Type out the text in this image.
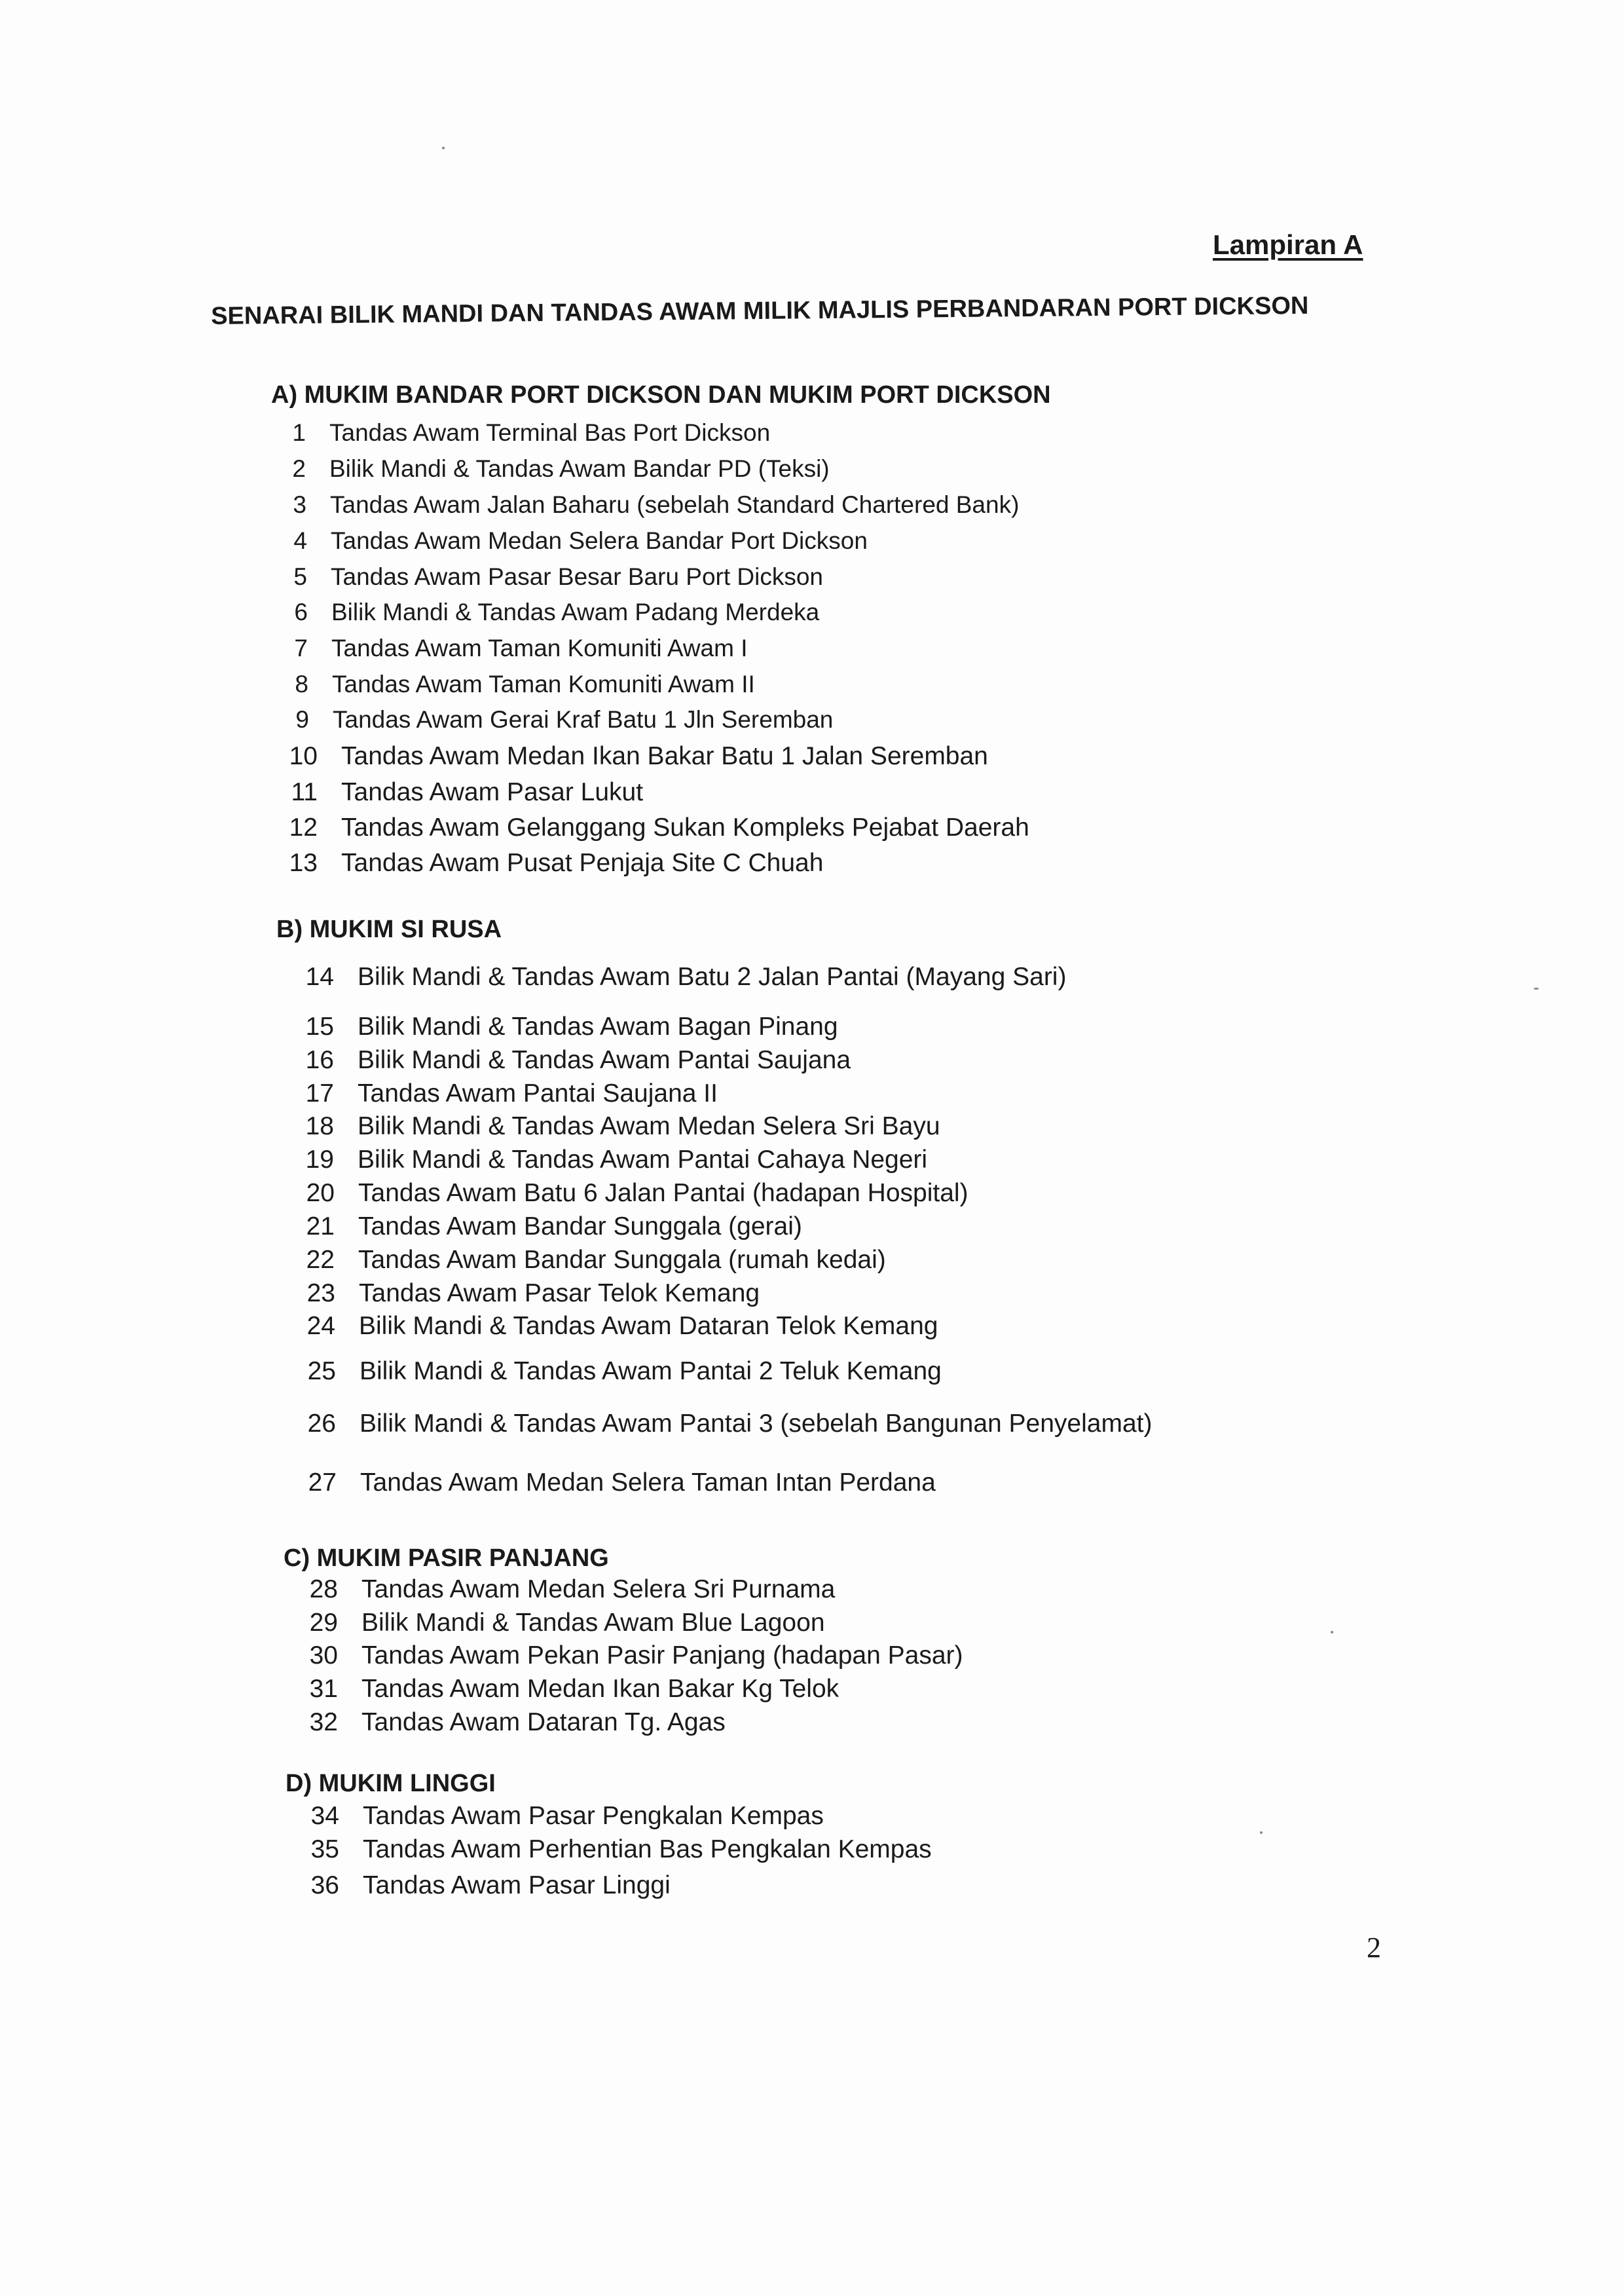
Lampiran A
SENARAI BILIK MANDI DAN TANDAS AWAM MILIK MAJLIS PERBANDARAN PORT DICKSON
A) MUKIM BANDAR PORT DICKSON DAN MUKIM PORT DICKSON
1 Tandas Awam Terminal Bas Port Dickson
2 Bilik Mandi & Tandas Awam Bandar PD (Teksi)
3 Tandas Awam Jalan Baharu (sebelah Standard Chartered Bank)
4 Tandas Awam Medan Selera Bandar Port Dickson
5 Tandas Awam Pasar Besar Baru Port Dickson
6 Bilik Mandi & Tandas Awam Padang Merdeka
7 Tandas Awam Taman Komuniti Awam I
8 Tandas Awam Taman Komuniti Awam II
9 Tandas Awam Gerai Kraf Batu 1 Jln Seremban
10 Tandas Awam Medan Ikan Bakar Batu 1 Jalan Seremban
11 Tandas Awam Pasar Lukut
12 Tandas Awam Gelanggang Sukan Kompleks Pejabat Daerah
13 Tandas Awam Pusat Penjaja Site C Chuah
B) MUKIM SI RUSA
14 Bilik Mandi & Tandas Awam Batu 2 Jalan Pantai (Mayang Sari)
15 Bilik Mandi & Tandas Awam Bagan Pinang
16 Bilik Mandi & Tandas Awam Pantai Saujana
17 Tandas Awam Pantai Saujana II
18 Bilik Mandi & Tandas Awam Medan Selera Sri Bayu
19 Bilik Mandi & Tandas Awam Pantai Cahaya Negeri
20 Tandas Awam Batu 6 Jalan Pantai (hadapan Hospital)
21 Tandas Awam Bandar Sunggala (gerai)
22 Tandas Awam Bandar Sunggala (rumah kedai)
23 Tandas Awam Pasar Telok Kemang
24 Bilik Mandi & Tandas Awam Dataran Telok Kemang
25 Bilik Mandi & Tandas Awam Pantai 2 Teluk Kemang
26 Bilik Mandi & Tandas Awam Pantai 3 (sebelah Bangunan Penyelamat)
27 Tandas Awam Medan Selera Taman Intan Perdana
C) MUKIM PASIR PANJANG
28 Tandas Awam Medan Selera Sri Purnama
29 Bilik Mandi & Tandas Awam Blue Lagoon
30 Tandas Awam Pekan Pasir Panjang (hadapan Pasar)
31 Tandas Awam Medan Ikan Bakar Kg Telok
32 Tandas Awam Dataran Tg. Agas
D) MUKIM LINGGI
34 Tandas Awam Pasar Pengkalan Kempas
35 Tandas Awam Perhentian Bas Pengkalan Kempas
36 Tandas Awam Pasar Linggi
2
